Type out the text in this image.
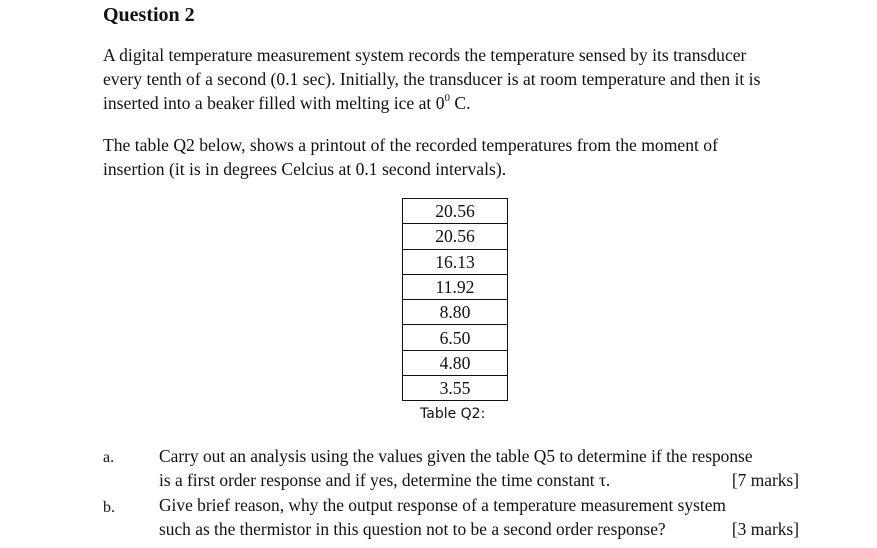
Question 2
A digital temperature measurement system records the temperature sensed by its transducer
every tenth of a second (0.1 sec). Initially, the transducer is at room temperature and then it is
inserted into a beaker filled with melting ice at $0^0$ C.
The table Q2 below, shows a printout of the recorded temperatures from the moment of
insertion (it is in degrees Celcius at 0.1 second intervals).
20.56
20.56
16.13
11.92
8.80
6.50
4.80
3.55
Table Q2:
a.	Carry out an analysis using the values given the table Q5 to determine if the response
is a first order response and if yes, determine the time constant τ.	[7 marks]
b.	Give brief reason, why the output response of a temperature measurement system
such as the thermistor in this question not to be a second order response?	[3 marks]
